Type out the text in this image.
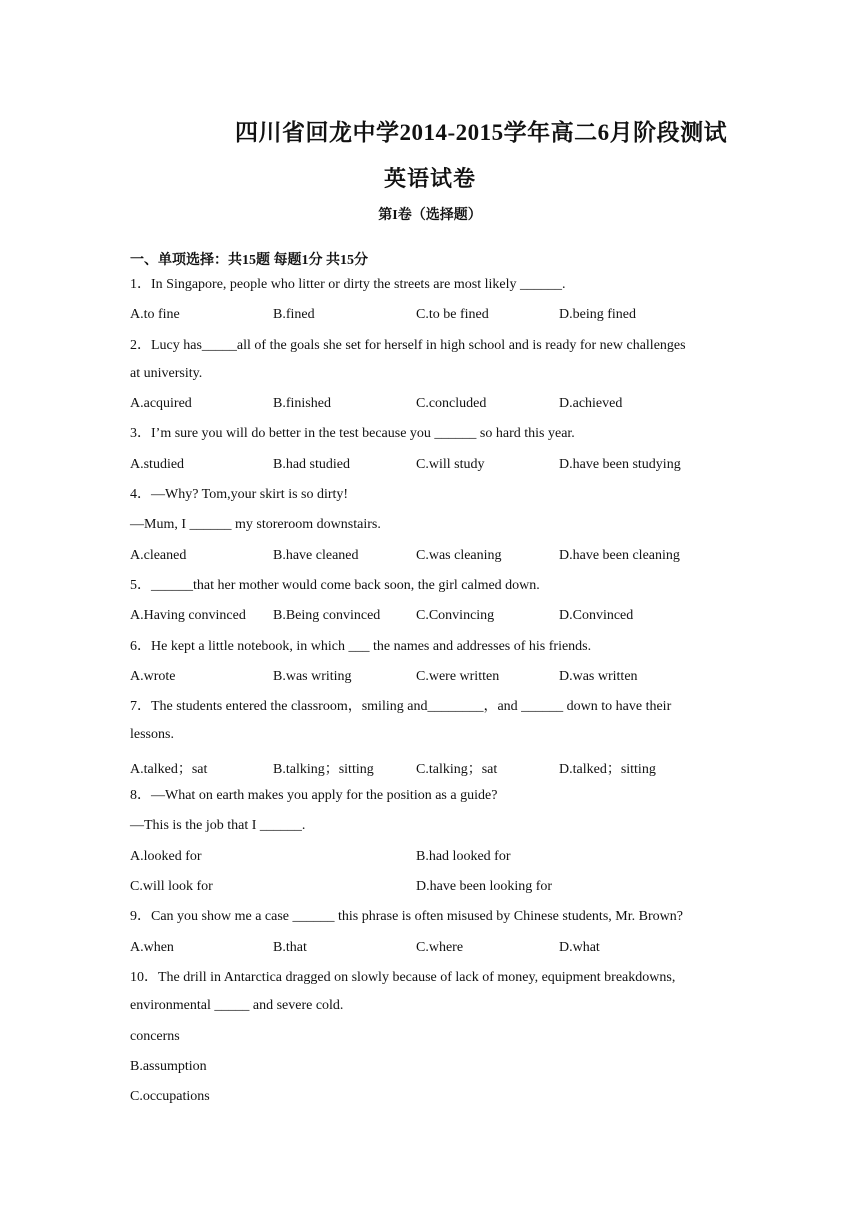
四川省回龙中学2014-2015学年高二6月阶段测试
英语试卷
第I卷（选择题）
一、单项选择：共15题 每题1分 共15分
1．In Singapore, people who litter or dirty the streets are most likely ______.
A.to fine	B.fined	C.to be fined	D.being fined
2．Lucy has_____all of the goals she set for herself in high school and is ready for new challenges
at university.
A.acquired	B.finished	C.concluded	D.achieved
3．I’m sure you will do better in the test because you ______ so hard this year.
A.studied	B.had studied	C.will study	D.have been studying
4．—Why? Tom,your skirt is so dirty!
—Mum, I ______ my storeroom downstairs.
A.cleaned	B.have cleaned	C.was cleaning	D.have been cleaning
5．______that her mother would come back soon, the girl calmed down.
A.Having convinced B.Being convinced	C.Convincing	D.Convinced
6．He kept a little notebook, in which ___ the names and addresses of his friends.
A.wrote	B.was writing	C.were written	D.was written
7．The students entered the classroom，smiling and________，and ______ down to have their
lessons.
A.talked；sat	B.talking；sitting	C.talking；sat	D.talked；sitting
8．—What on earth makes you apply for the position as a guide?
—This is the job that I ______.
A.looked for	B.had looked for
C.will look for	D.have been looking for
9．Can you show me a case ______ this phrase is often misused by Chinese students, Mr. Brown?
A.when	B.that	C.where	D.what
10．The drill in Antarctica dragged on slowly because of lack of money, equipment breakdowns,
environmental _____ and severe cold.
concerns
B.assumption
C.occupations
